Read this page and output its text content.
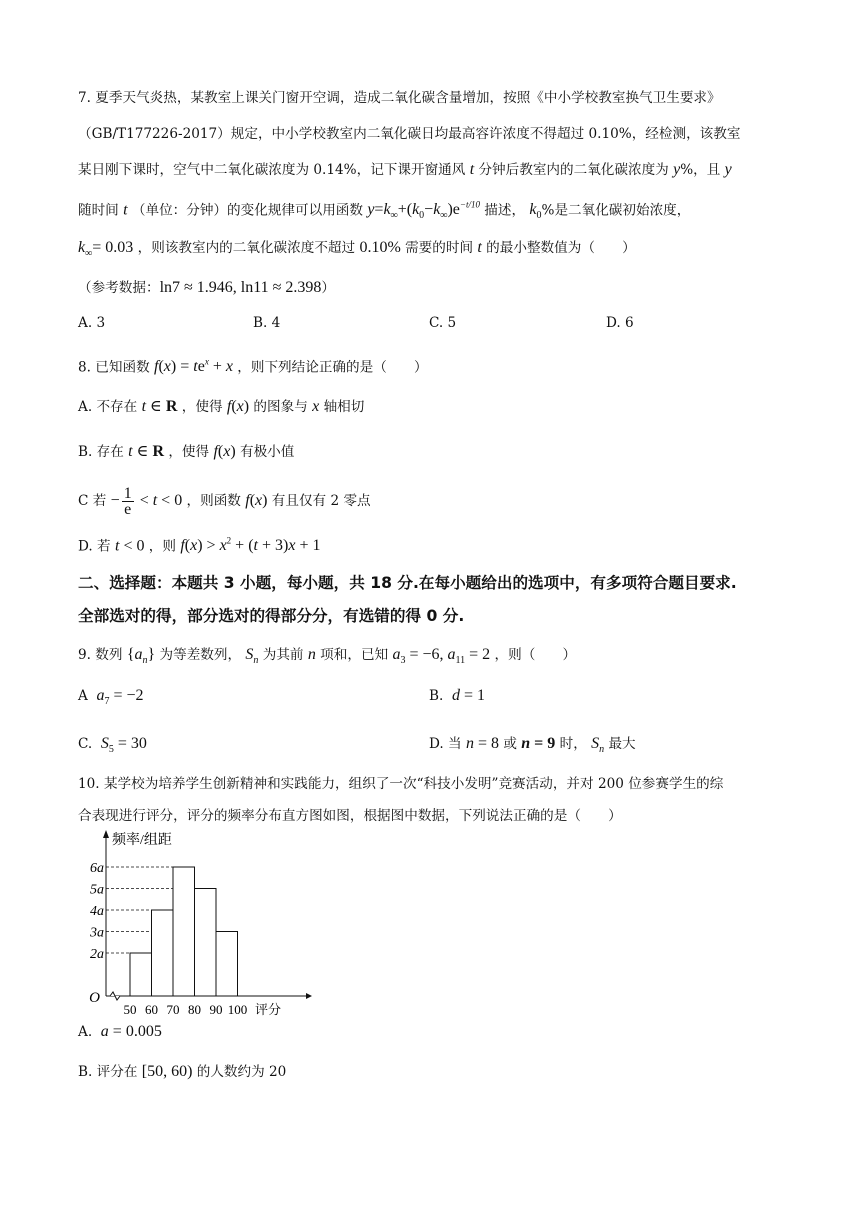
7. 夏季天气炎热，某教室上课关门窗开空调，造成二氧化碳含量增加，按照《中小学校教室换气卫生要求》
（GB/T177226-2017）规定，中小学校教室内二氧化碳日均最高容许浓度不得超过 0.10%，经检测，该教室
某日刚下课时，空气中二氧化碳浓度为 0.14%，记下课开窗通风 t 分钟后教室内的二氧化碳浓度为 y%，且 y
随时间 t （单位：分钟）的变化规律可以用函数 $y=k_\infty+(k_0-k_\infty)e^{-t/10}$ 描述， $k_0\%$是二氧化碳初始浓度，
$k_\infty= 0.03$ ，则该教室内的二氧化碳浓度不超过 0.10% 需要的时间 t 的最小整数值为（　　）
（参考数据：ln7 ≈ 1.946, ln11 ≈ 2.398）
A. 3	B. 4	C. 5	D. 6
8. 已知函数 $f(x) = te^x + x$ ，则下列结论正确的是（　　）
A. 不存在 t ∈ R ，使得 f(x) 的图象与 x 轴相切
B. 存在 t ∈ R ，使得 f(x) 有极小值
C 若 − $\frac{1}{e} < t < 0$ ，则函数 f(x) 有且仅有 2 零点
D. 若 t < 0 ，则 $f(x) > x^2 + (t + 3)x + 1$
二、选择题：本题共 3 小题，每小题，共 18 分.在每小题给出的选项中，有多项符合题目要求.
全部选对的得，部分选对的得部分分，有选错的得 0 分.
9. 数列 $\{a_n\}$ 为等差数列， $S_n$ 为其前 n 项和，已知 $a_3 = -6$, $a_{11} = 2$ ，则（　　）
A $a_7 = -2$	B. d = 1
C. $S_5 = 30$	D. 当 n = 8 或 n = 9 时， $S_n$ 最大
10. 某学校为培养学生创新精神和实践能力，组织了一次“科技小发明”竞赛活动，并对 200 位参赛学生的综
合表现进行评分，评分的频率分布直方图如图，根据图中数据，下列说法正确的是（　　）
2a
3a
4a
5a
6a
50 60 70 80 90 100
O
频率/组距
评分
A. a = 0.005
B. 评分在 [50, 60) 的人数约为 20
